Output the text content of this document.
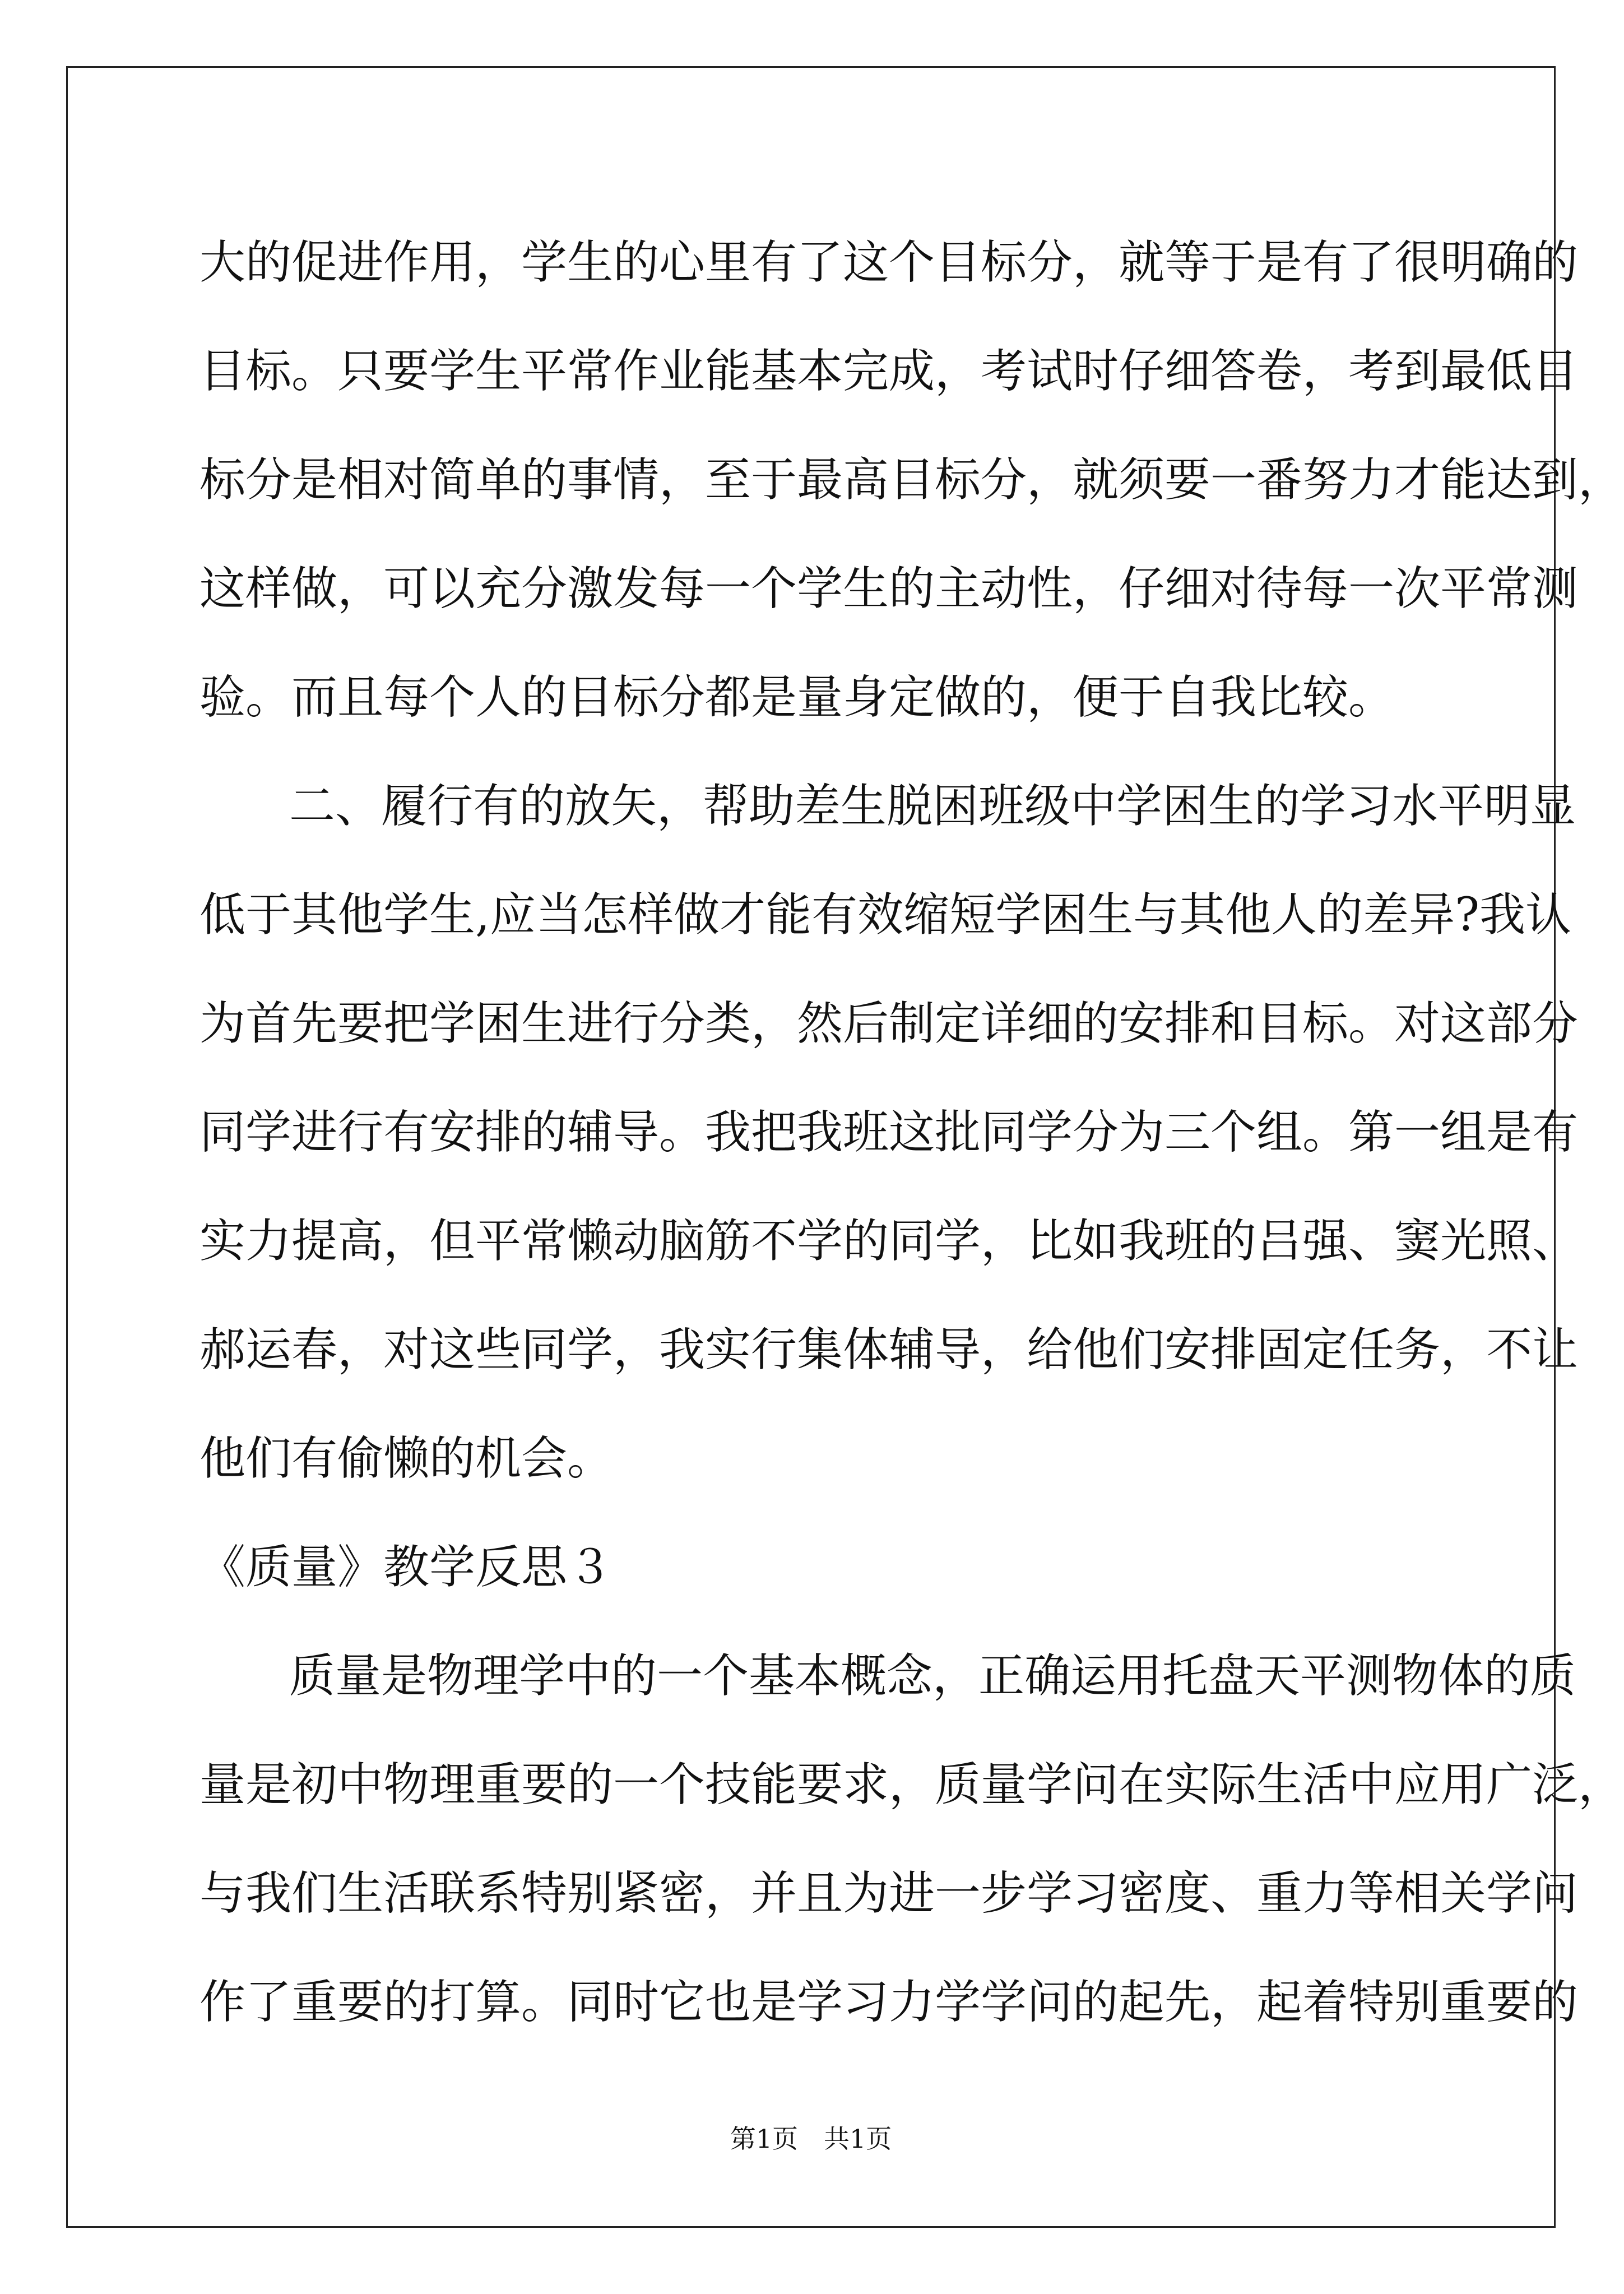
大的促进作用，学生的心里有了这个目标分，就等于是有了很明确的
目标。只要学生平常作业能基本完成，考试时仔细答卷，考到最低目
标分是相对简单的事情，至于最高目标分，就须要一番努力才能达到，
这样做，可以充分激发每一个学生的主动性，仔细对待每一次平常测
验。而且每个人的目标分都是量身定做的，便于自我比较。
二、履行有的放矢，帮助差生脱困班级中学困生的学习水平明显
低于其他学生,应当怎样做才能有效缩短学困生与其他人的差异?我认
为首先要把学困生进行分类，然后制定详细的安排和目标。对这部分
同学进行有安排的辅导。我把我班这批同学分为三个组。第一组是有
实力提高，但平常懒动脑筋不学的同学，比如我班的吕强、窦光照、
郝运春，对这些同学，我实行集体辅导，给他们安排固定任务，不让
他们有偷懒的机会。
《质量》教学反思３
质量是物理学中的一个基本概念，正确运用托盘天平测物体的质
量是初中物理重要的一个技能要求，质量学问在实际生活中应用广泛，
与我们生活联系特别紧密，并且为进一步学习密度、重力等相关学问
作了重要的打算。同时它也是学习力学学问的起先，起着特别重要的
第1页　共1页
